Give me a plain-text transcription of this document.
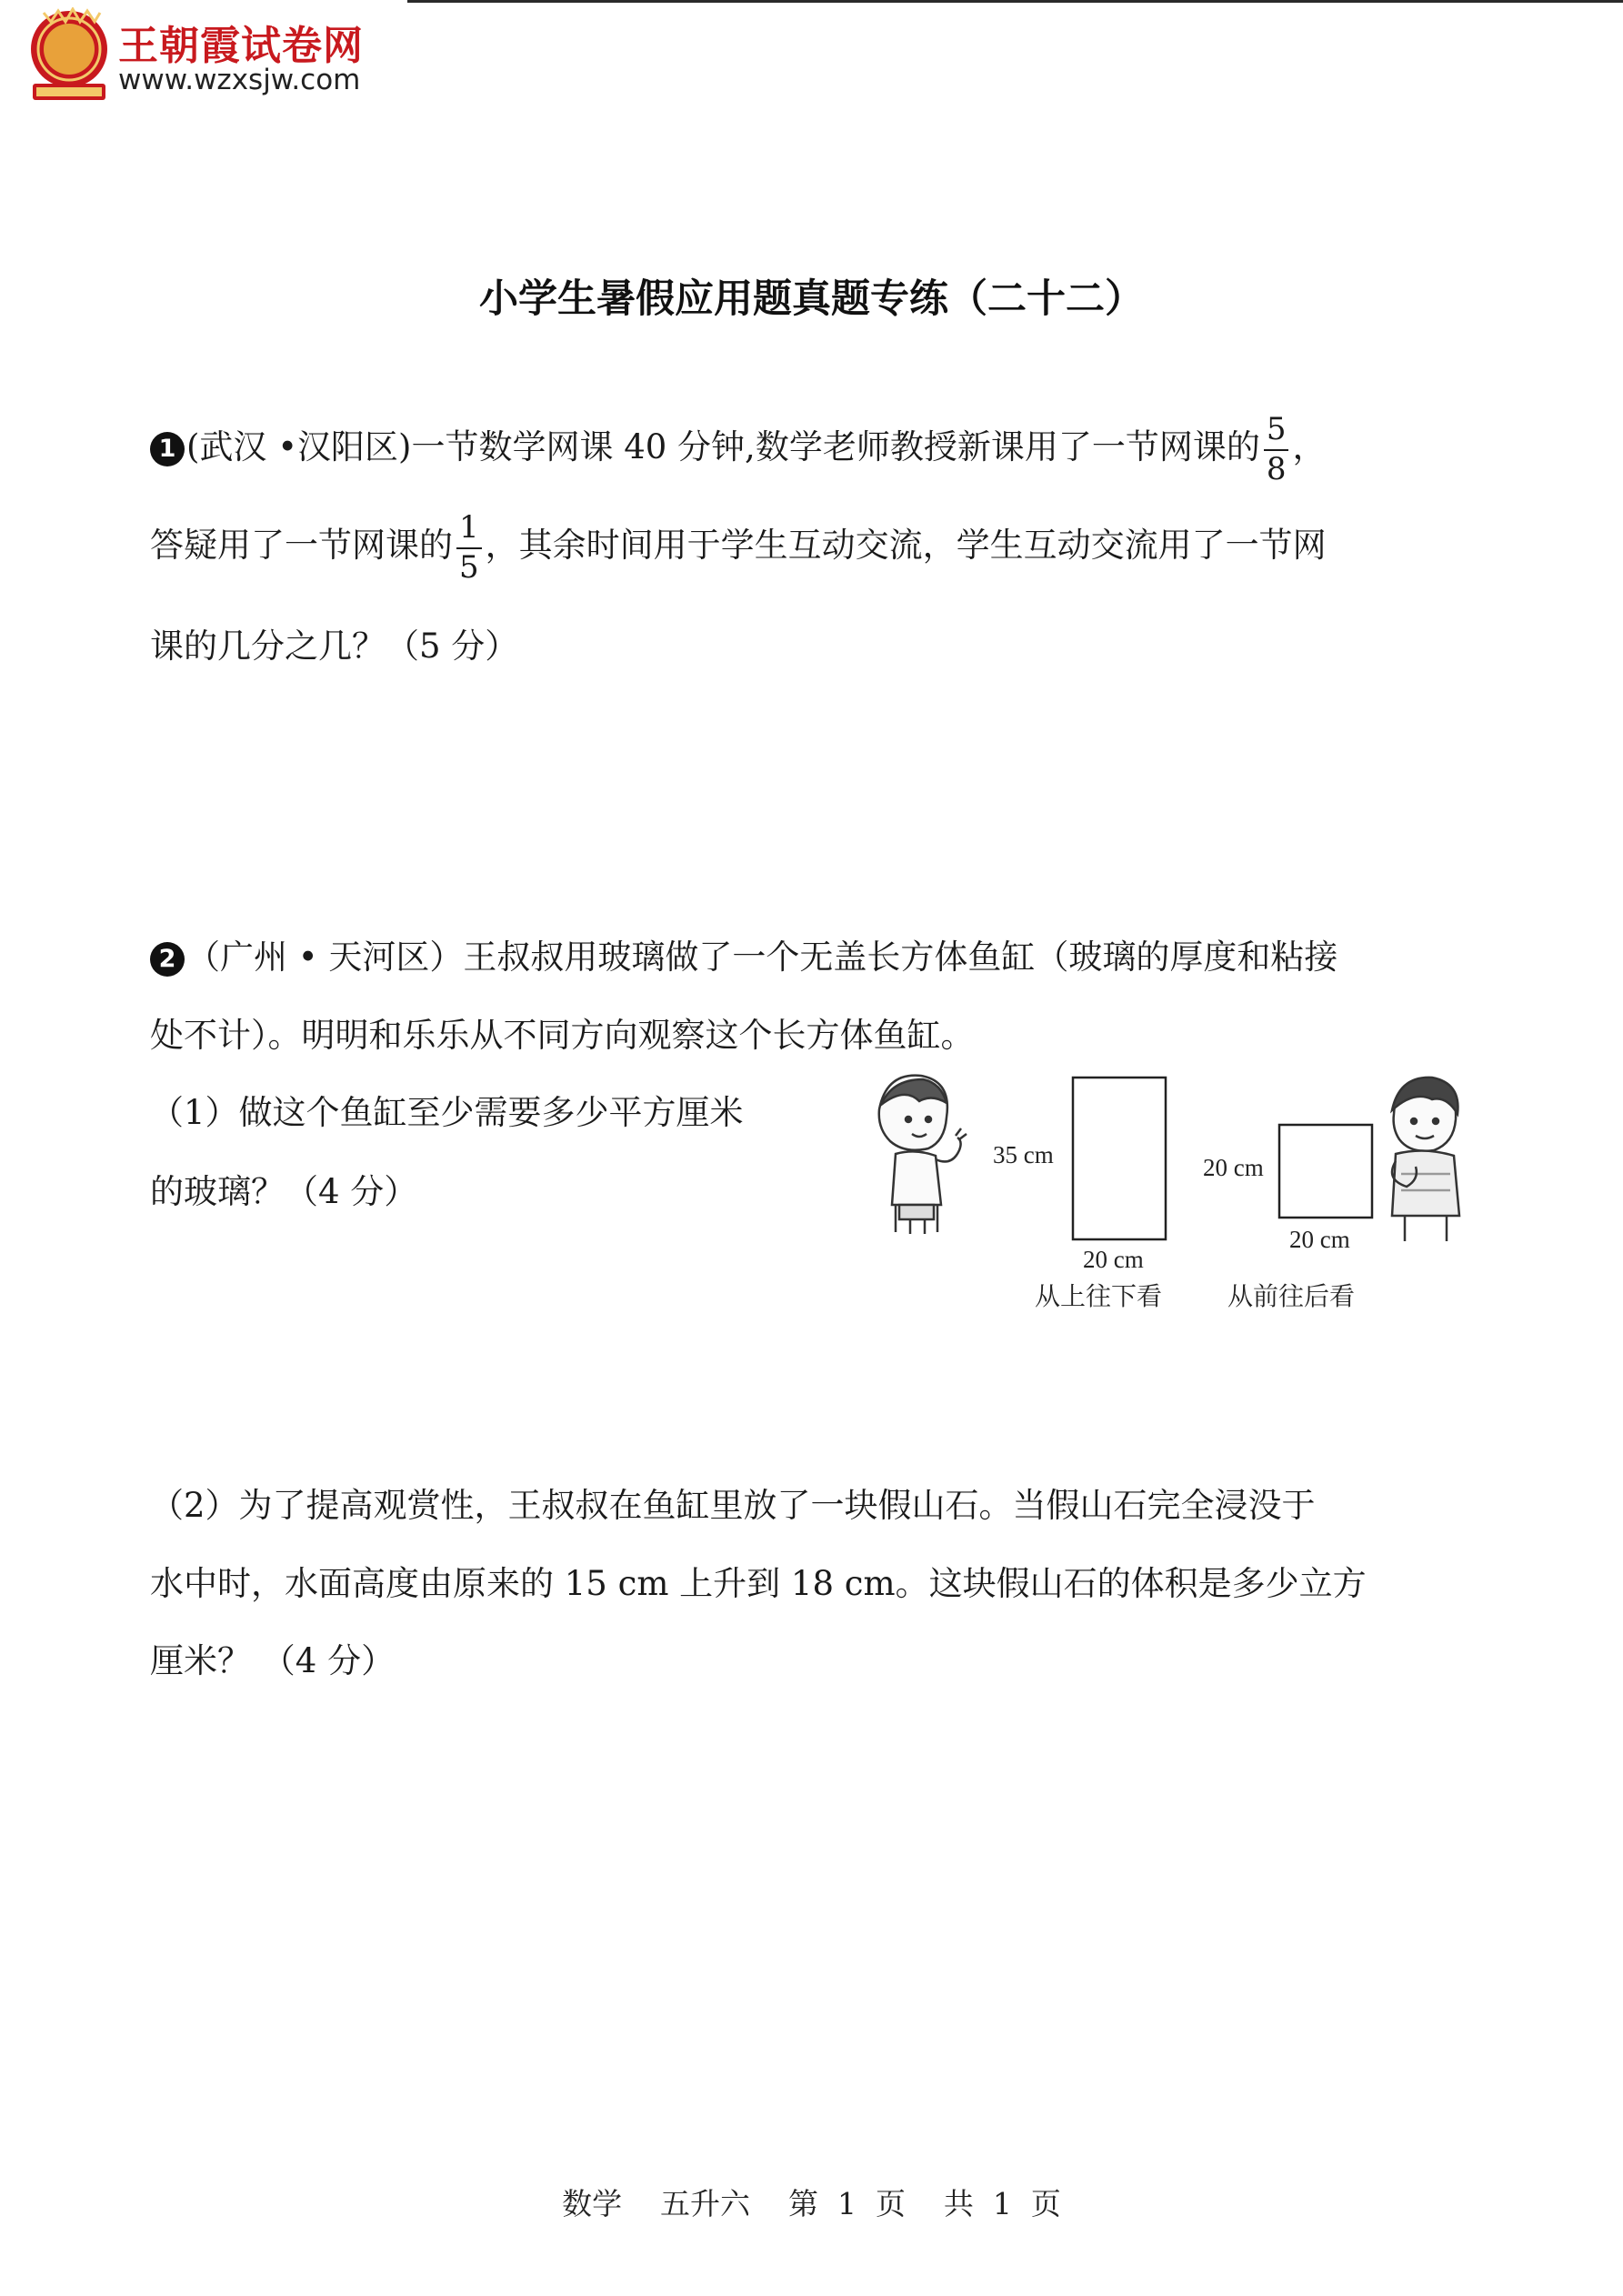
王朝霞试卷网
www.wzxsjw.com
小学生暑假应用题真题专练（二十二）
1 (武汉 •汉阳区)一节数学网课 40 分钟,数学老师教授新课用了一节网课的 $\frac{5}{8}$ ，
答疑用了一节网课的 $\frac{1}{5}$ ，其余时间用于学生互动交流，学生互动交流用了一节网
课的几分之几？（5 分）
2 （广州 • 天河区）王叔叔用玻璃做了一个无盖长方体鱼缸（玻璃的厚度和粘接
处不计）。明明和乐乐从不同方向观察这个长方体鱼缸。
（1）做这个鱼缸至少需要多少平方厘米
的玻璃？（4 分）
35 cm
20 cm
从上往下看
20 cm
20 cm
从前往后看
（2）为了提高观赏性，王叔叔在鱼缸里放了一块假山石。当假山石完全浸没于
水中时，水面高度由原来的 15 cm 上升到 18 cm。这块假山石的体积是多少立方
厘米？ （4 分）
数学    五升六    第  1  页    共  1  页
